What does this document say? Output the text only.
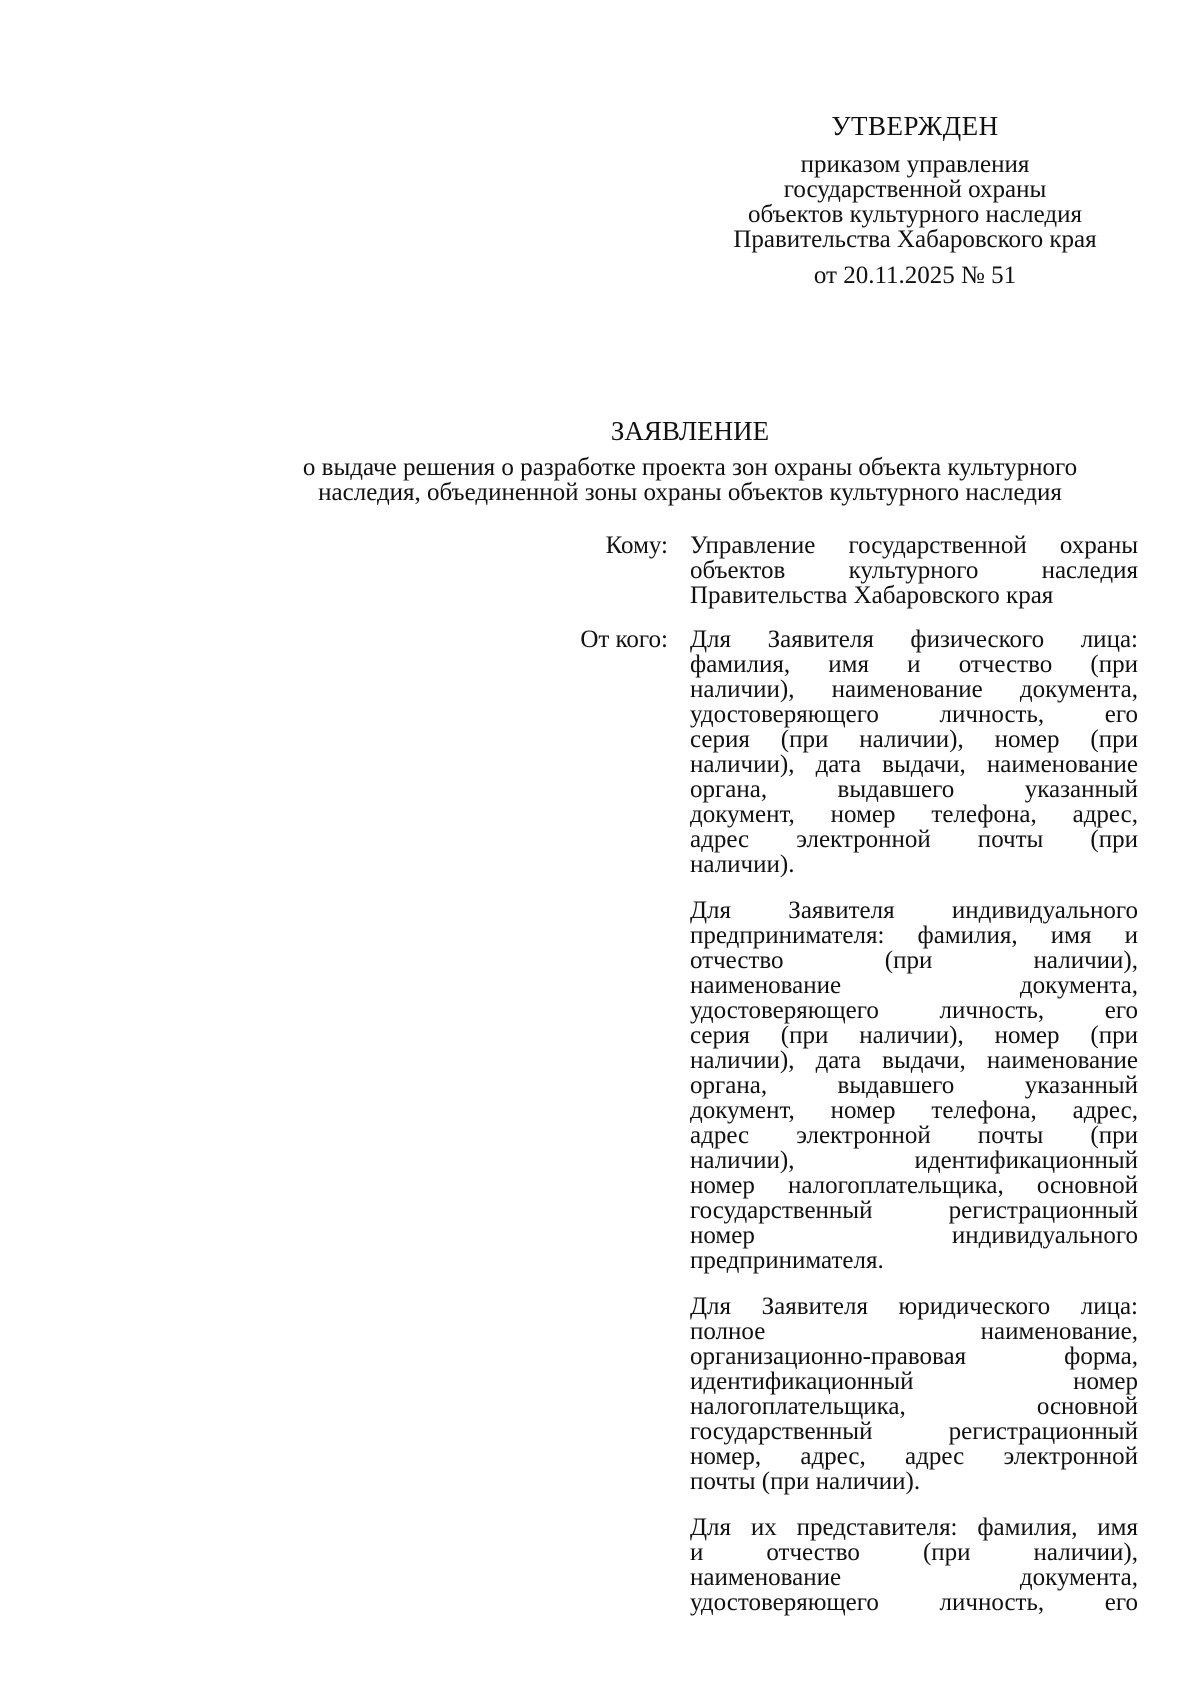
УТВЕРЖДЕН
приказом управления
государственной охраны
объектов культурного наследия
Правительства Хабаровского края
от 20.11.2025 № 51
ЗАЯВЛЕНИЕ
о выдаче решения о разработке проекта зон охраны объекта культурного
наследия, объединенной зоны охраны объектов культурного наследия
Кому: Управление государственной охраны
объектов культурного наследия
Правительства Хабаровского края
От кого: Для Заявителя физического лица:
фамилия, имя и отчество (при
наличии), наименование документа,
удостоверяющего личность, его
серия (при наличии), номер (при
наличии), дата выдачи, наименование
органа, выдавшего указанный
документ, номер телефона, адрес,
адрес электронной почты (при
наличии).
Для Заявителя индивидуального
предпринимателя: фамилия, имя и
отчество (при наличии),
наименование документа,
удостоверяющего личность, его
серия (при наличии), номер (при
наличии), дата выдачи, наименование
органа, выдавшего указанный
документ, номер телефона, адрес,
адрес электронной почты (при
наличии), идентификационный
номер налогоплательщика, основной
государственный регистрационный
номер индивидуального
предпринимателя.
Для Заявителя юридического лица:
полное наименование,
организационно-правовая форма,
идентификационный номер
налогоплательщика, основной
государственный регистрационный
номер, адрес, адрес электронной
почты (при наличии).
Для их представителя: фамилия, имя
и отчество (при наличии),
наименование документа,
удостоверяющего личность, его
